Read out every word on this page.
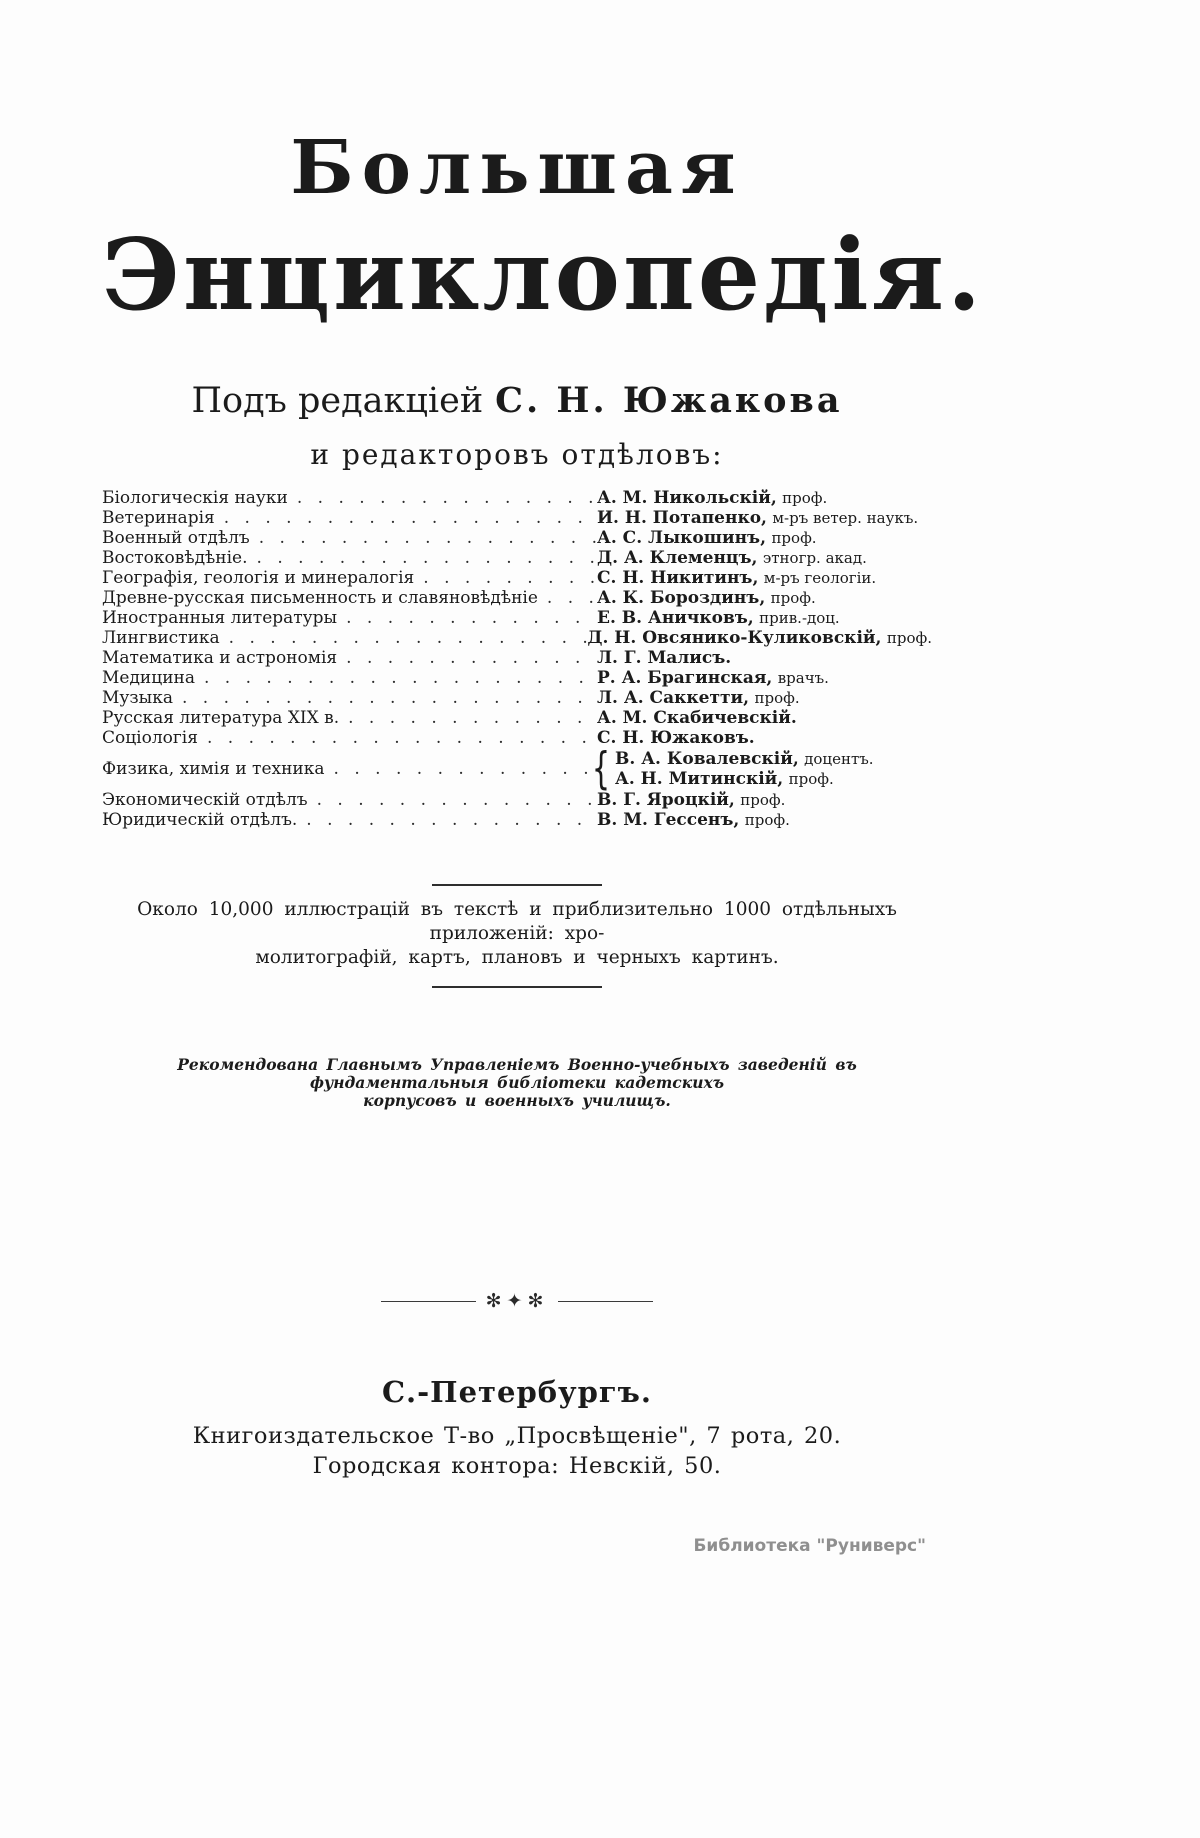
Большая
Энциклопедія.
Подъ редакціей С. Н. Южакова
и редакторовъ отдѣловъ:
Біологическія науки . . .	А. М. Никольскій, проф.
Ветеринарія . . .	И. Н. Потапенко, м-ръ ветер. наукъ.
Военный отдѣлъ . . .	А. С. Лыкошинъ, проф.
Востоковѣдѣніе. . . .	Д. А. Клеменцъ, этногр. акад.
Географія, геологія и минералогія . . .	С. Н. Никитинъ, м-ръ геологіи.
Древне-русская письменность и славяновѣдѣніе . . .	А. К. Бороздинъ, проф.
Иностранныя литературы . . .	Е. В. Аничковъ, прив.-доц.
Лингвистика . . .	Д. Н. Овсянико-Куликовскій, проф.
Математика и астрономія . . .	Л. Г. Малисъ.
Медицина . . .	Р. А. Брагинская, врачъ.
Музыка . . .	Л. А. Саккетти, проф.
Русская литература XIX в. . . .	А. М. Скабичевскій.
Соціологія . . .	С. Н. Южаковъ.
Физика, химія и техника . . . {	В. А. Ковалевскій, доцентъ.
А. Н. Митинскій, проф.
Экономическій отдѣлъ . . .	В. Г. Яроцкій, проф.
Юридическій отдѣлъ. . . .	В. М. Гессенъ, проф.

Около 10,000 иллюстрацій въ текстѣ и приблизительно 1000 отдѣльныхъ приложеній: хро-
молитографій, картъ, плановъ и черныхъ картинъ.

Рекомендована Главнымъ Управленіемъ Военно-учебныхъ заведеній въ фундаментальныя библіотеки кадетскихъ
корпусовъ и военныхъ училищъ.

✻✦✻
С.-Петербургъ.
Книгоиздательское Т-во „Просвѣщеніе", 7 рота, 20.
Городская контора: Невскій, 50.
Библиотека "Руниверс"
